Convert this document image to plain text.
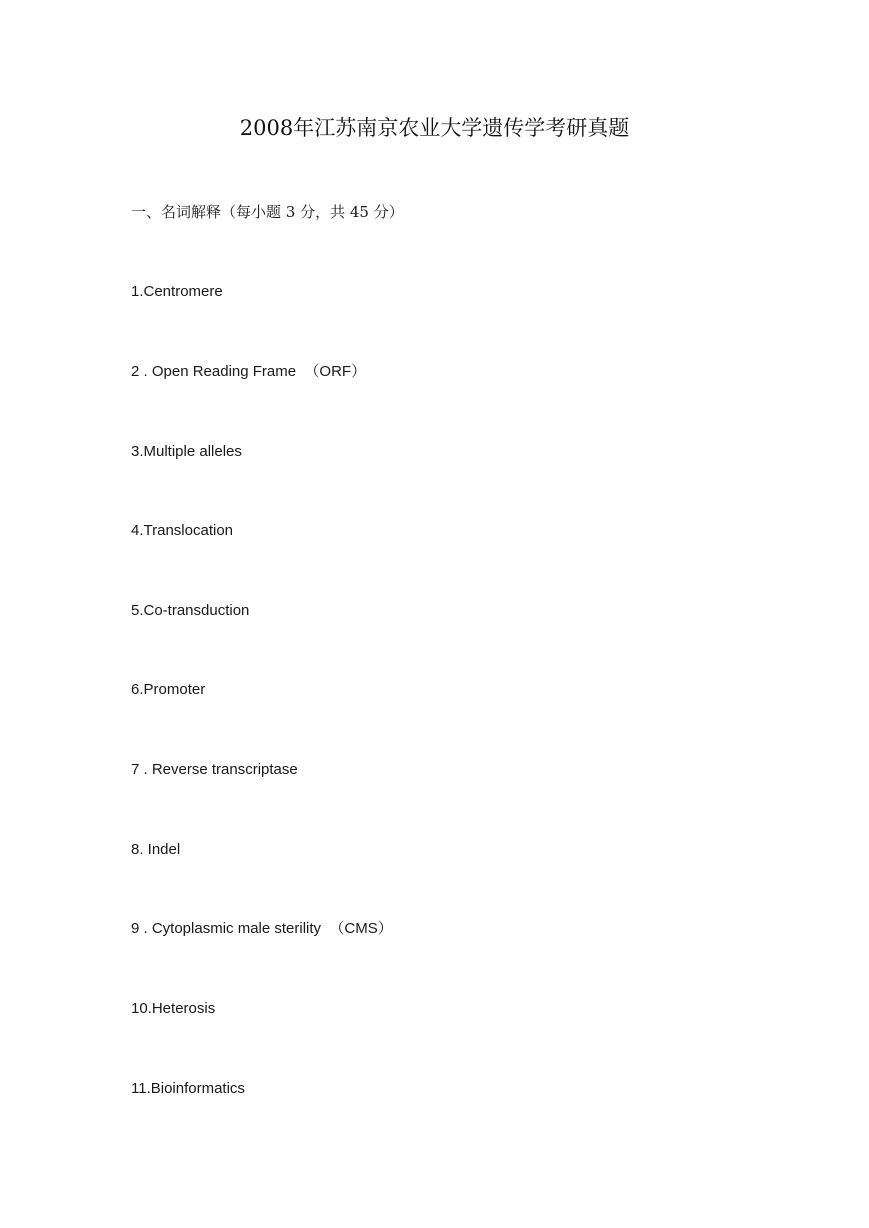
2008年江苏南京农业大学遗传学考研真题
一、名词解释（每小题 3 分，共 45 分）
1.Centromere
2 . Open Reading Frame  （ORF）
3.Multiple alleles
4.Translocation
5.Co-transduction
6.Promoter
7 . Reverse transcriptase
8. Indel
9 . Cytoplasmic male sterility  （CMS）
10.Heterosis
11.Bioinformatics
